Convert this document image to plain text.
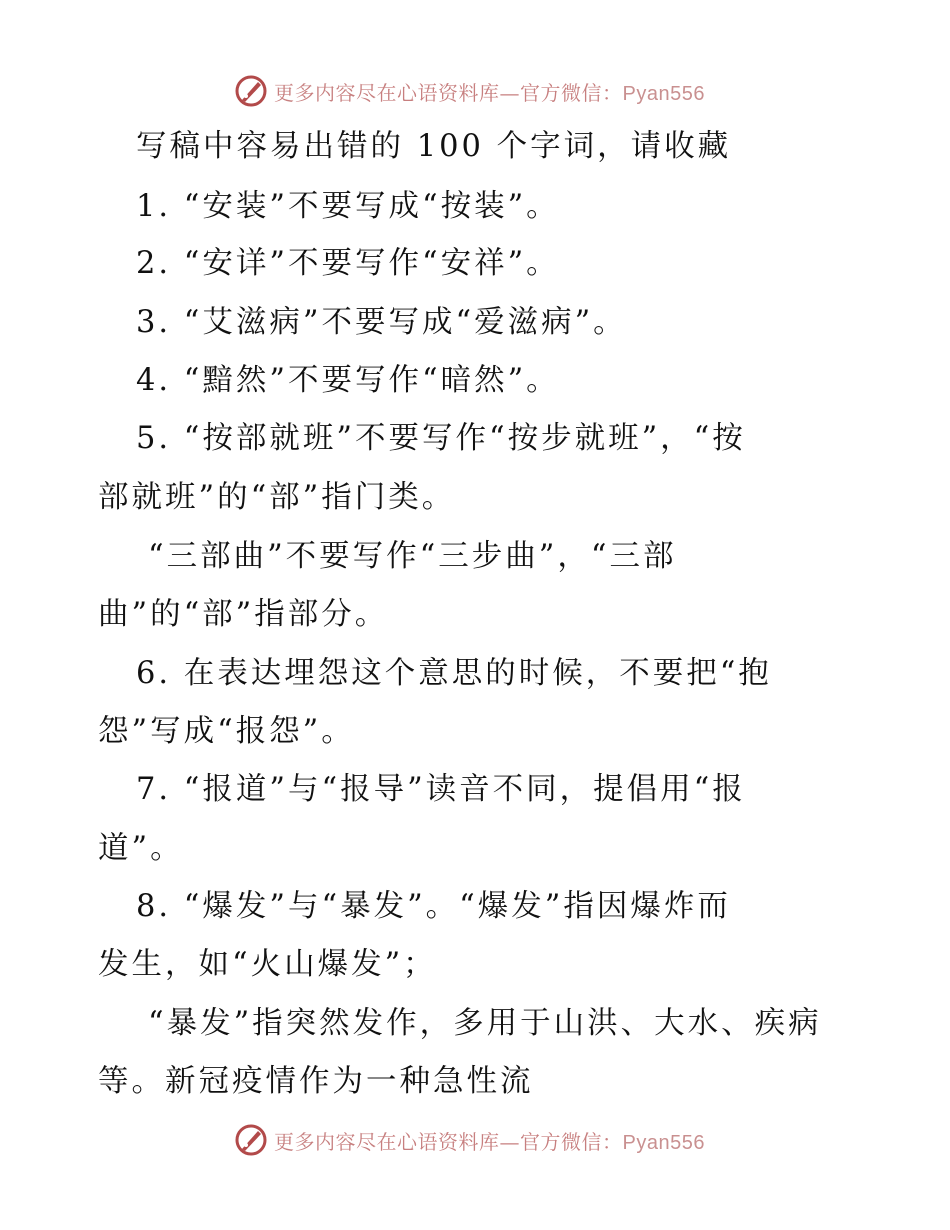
更多内容尽在心语资料库—官方微信：Pyan556
写稿中容易出错的 100 个字词，请收藏
1. “安装”不要写成“按装”。
2. “安详”不要写作“安祥”。
3. “艾滋病”不要写成“爱滋病”。
4. “黯然”不要写作“暗然”。
5. “按部就班”不要写作“按步就班”，“按
部就班”的“部”指门类。
“三部曲”不要写作“三步曲”，“三部
曲”的“部”指部分。
6. 在表达埋怨这个意思的时候，不要把“抱
怨”写成“报怨”。
7. “报道”与“报导”读音不同，提倡用“报
道”。
8. “爆发”与“暴发”。“爆发”指因爆炸而
发生，如“火山爆发”；
“暴发”指突然发作，多用于山洪、大水、疾病
等。新冠疫情作为一种急性流
更多内容尽在心语资料库—官方微信：Pyan556
